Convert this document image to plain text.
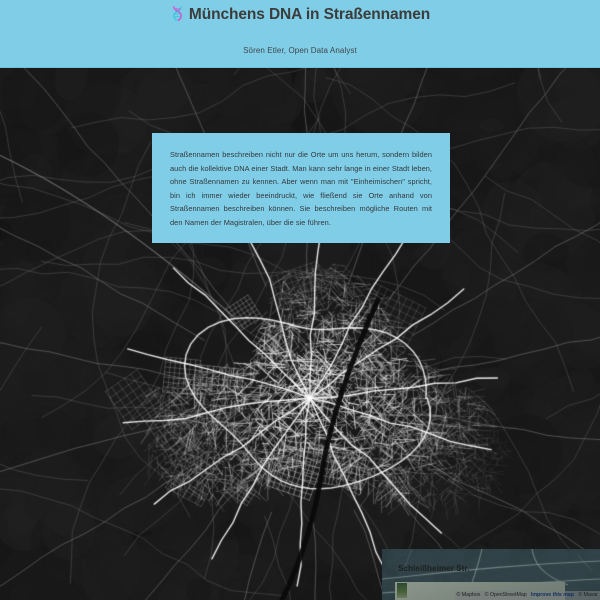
Münchens DNA in Straßennamen
Sören Etler, Open Data Analyst

Straßennamen beschreiben nicht nur die Orte um uns herum, sondern bilden auch die kollektive DNA einer Stadt. Man kann sehr lange in einer Stadt leben, ohne Straßennamen zu kennen. Aber wenn man mit "Einheimischen" spricht, bin ich immer wieder beeindruckt, wie fließend sie Orte anhand von Straßennamen beschreiben können. Sie beschreiben mögliche Routen mit den Namen der Magistralen, über die sie führen.

Schleißheimer Str.
© Mapbox © OpenStreetMap Improve this map © Maxar
